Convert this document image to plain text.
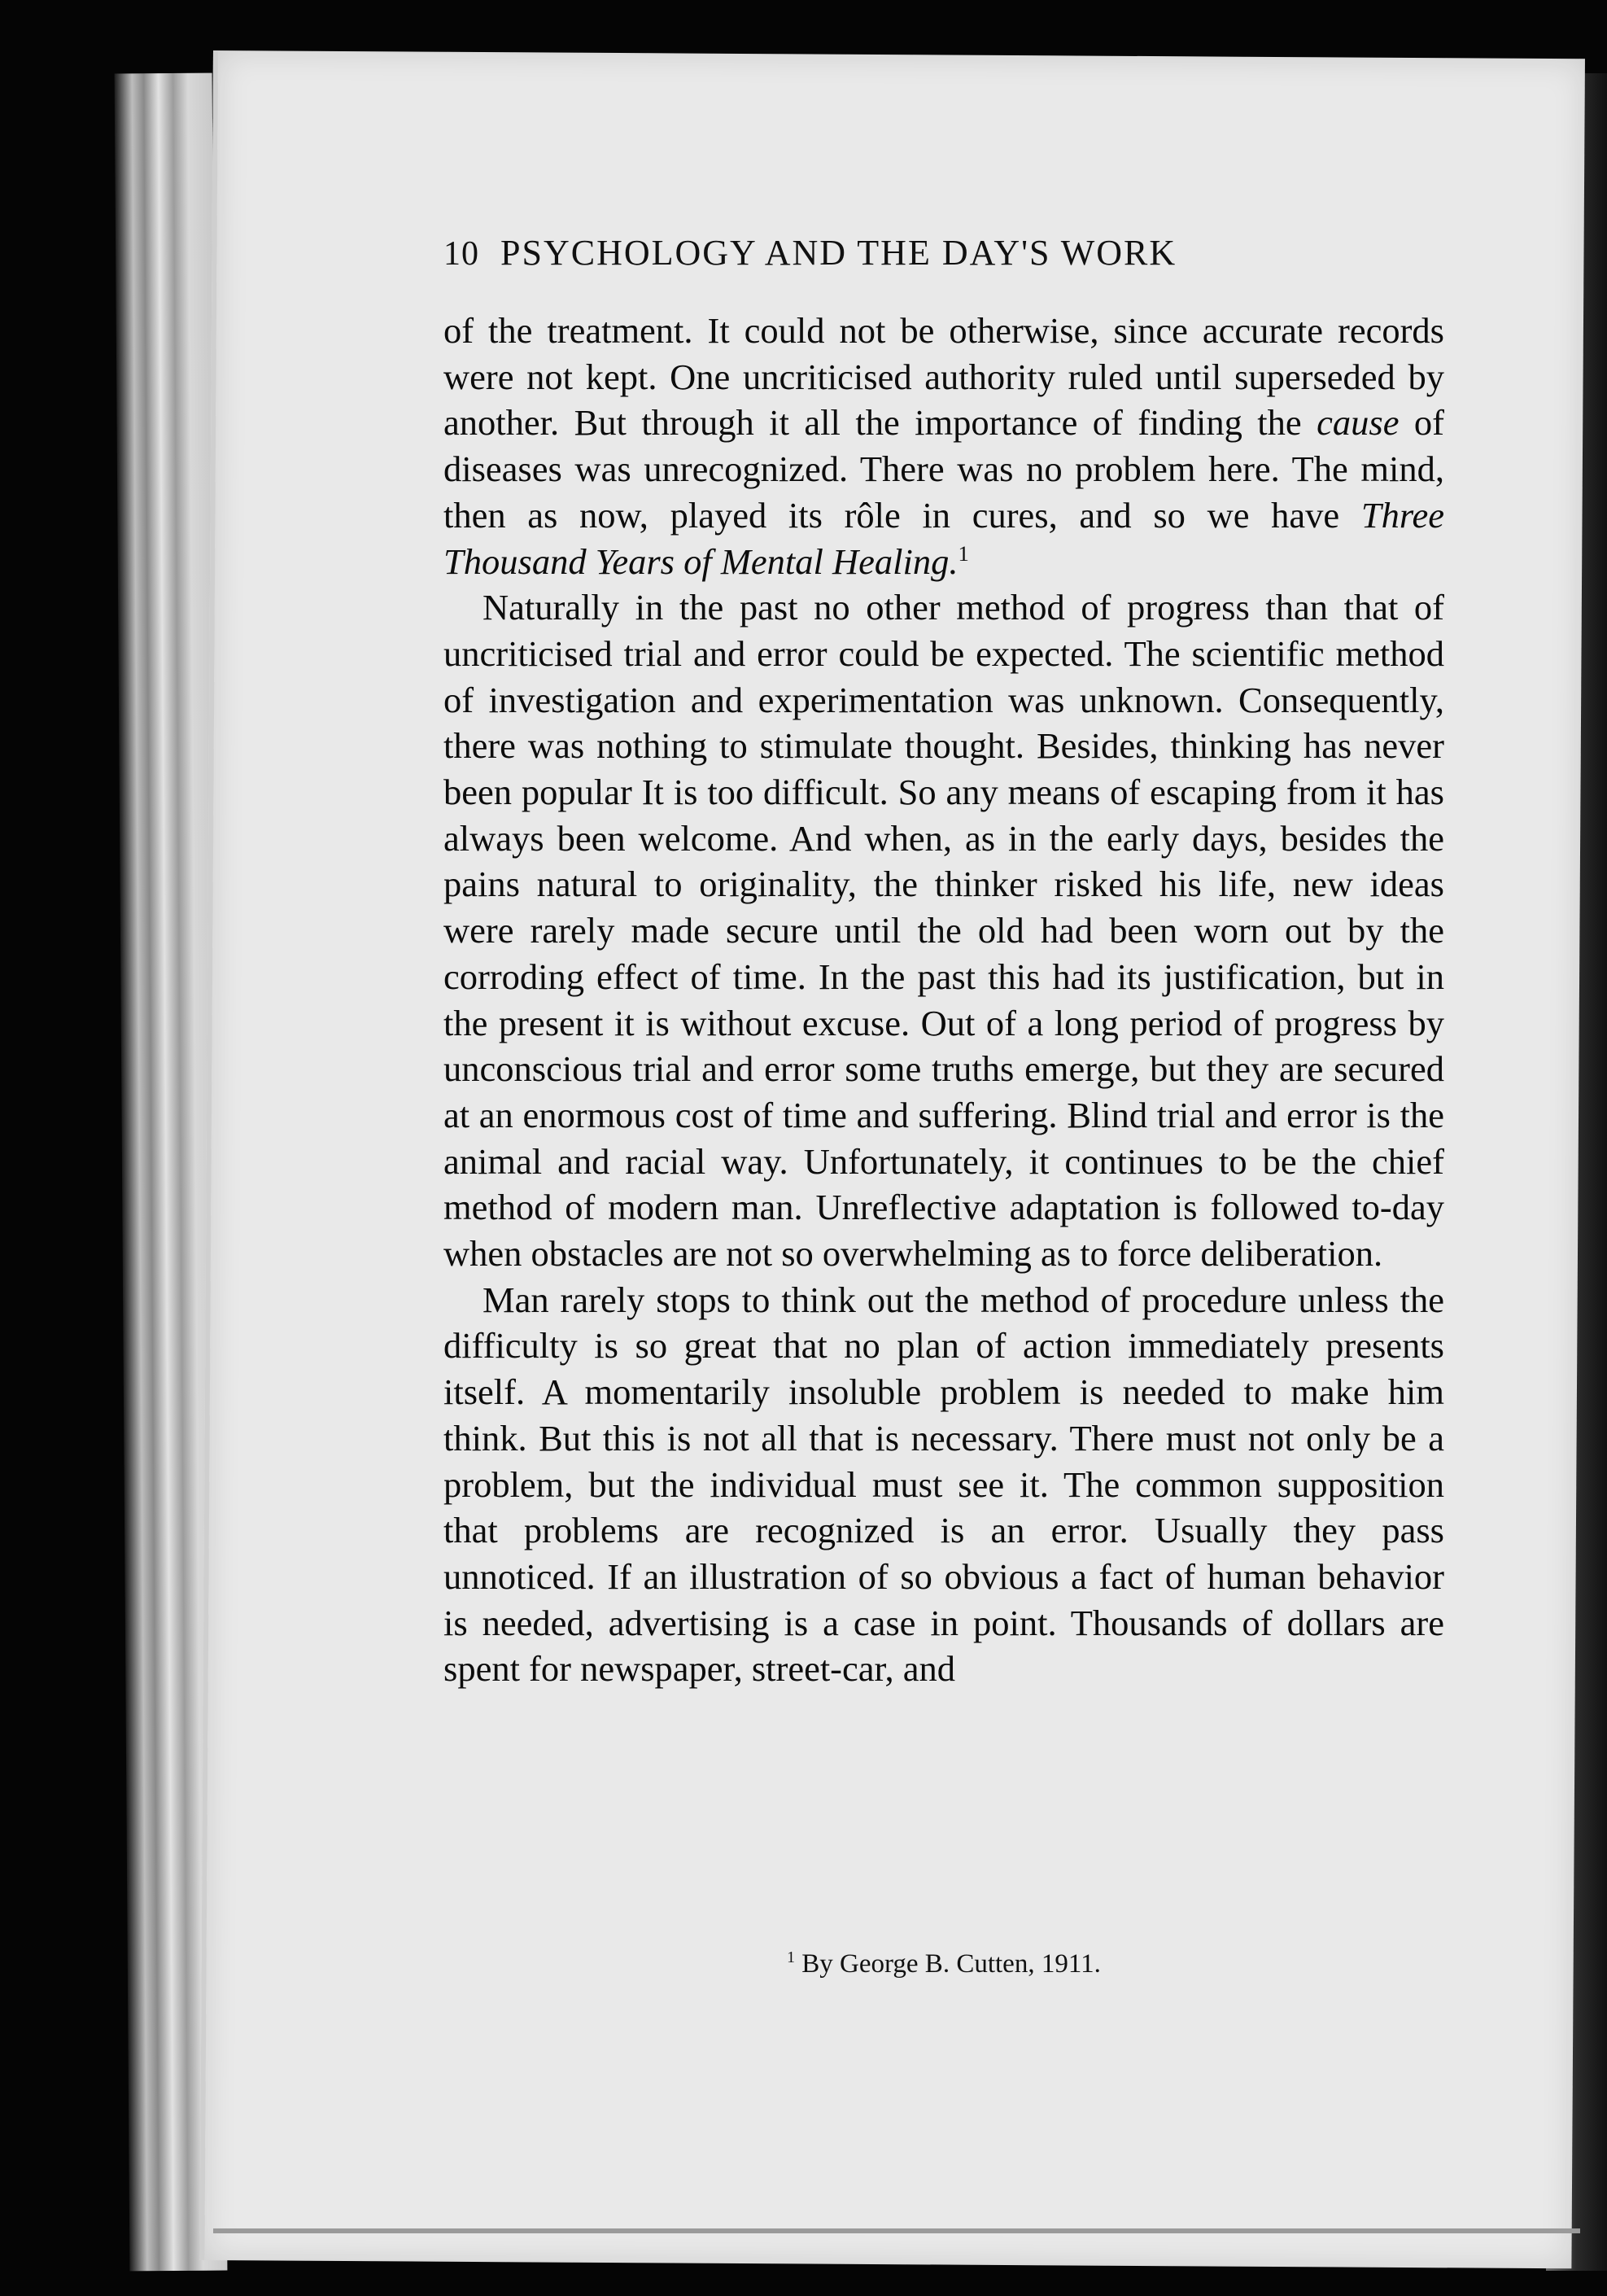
10 PSYCHOLOGY AND THE DAY'S WORK

of the treatment. It could not be otherwise, since accurate records were not kept. One uncriticised authority ruled until superseded by another. But through it all the importance of finding the cause of diseases was unrecognized. There was no problem here. The mind, then as now, played its rôle in cures, and so we have Three Thousand Years of Mental Healing.$^1$

Naturally in the past no other method of progress than that of uncriticised trial and error could be expected. The scientific method of investigation and experimentation was unknown. Consequently, there was nothing to stimulate thought. Besides, thinking has never been popular It is too difficult. So any means of escaping from it has always been welcome. And when, as in the early days, besides the pains natural to originality, the thinker risked his life, new ideas were rarely made secure until the old had been worn out by the corroding effect of time. In the past this had its justification, but in the present it is without excuse. Out of a long period of progress by unconscious trial and error some truths emerge, but they are secured at an enormous cost of time and suffering. Blind trial and error is the animal and racial way. Unfortunately, it continues to be the chief method of modern man. Unreflective adaptation is followed to-day when obstacles are not so overwhelming as to force deliberation.

Man rarely stops to think out the method of procedure unless the difficulty is so great that no plan of action immediately presents itself. A momentarily insoluble problem is needed to make him think. But this is not all that is necessary. There must not only be a problem, but the individual must see it. The common supposition that problems are recognized is an error. Usually they pass unnoticed. If an illustration of so obvious a fact of human behavior is needed, advertising is a case in point. Thousands of dollars are spent for newspaper, street-car, and

$^1$ By George B. Cutten, 1911.
